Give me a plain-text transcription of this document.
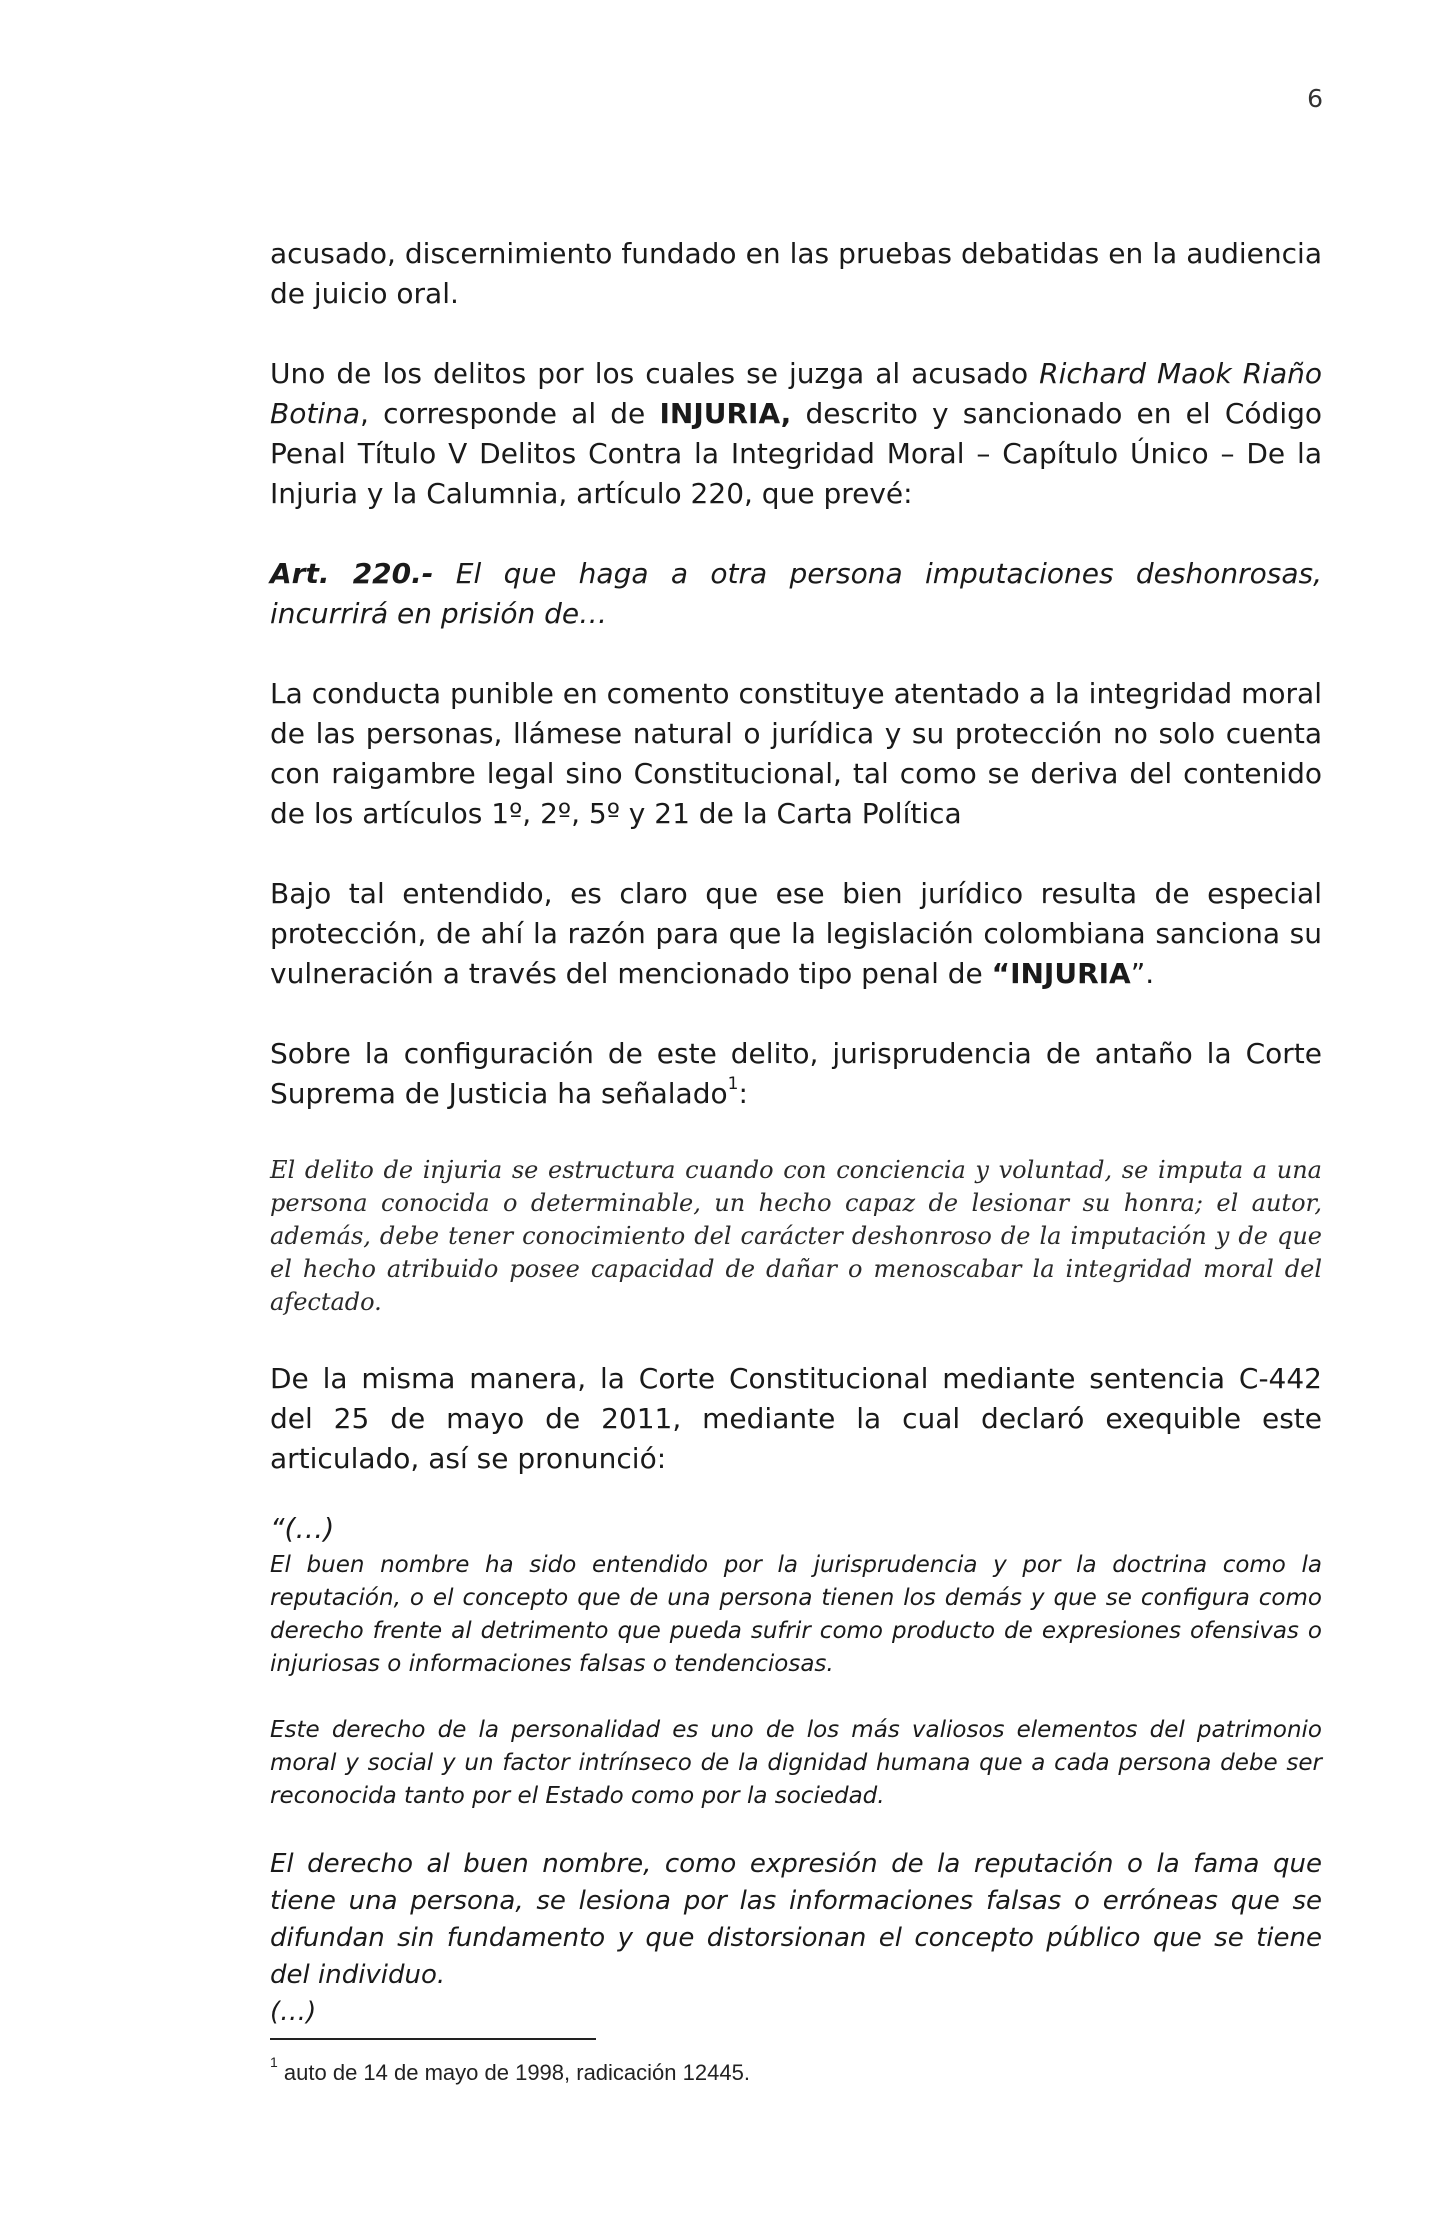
6

acusado, discernimiento fundado en las pruebas debatidas en la audiencia de juicio oral.

Uno de los delitos por los cuales se juzga al acusado Richard Maok Riaño Botina, corresponde al de INJURIA, descrito y sancionado en el Código Penal Título V Delitos Contra la Integridad Moral – Capítulo Único – De la Injuria y la Calumnia, artículo 220, que prevé:

Art. 220.- El que haga a otra persona imputaciones deshonrosas, incurrirá en prisión de…

La conducta punible en comento constituye atentado a la integridad moral de las personas, llámese natural o jurídica y su protección no solo cuenta con raigambre legal sino Constitucional, tal como se deriva del contenido de los artículos 1º, 2º, 5º y 21 de la Carta Política

Bajo tal entendido, es claro que ese bien jurídico resulta de especial protección, de ahí la razón para que la legislación colombiana sanciona su vulneración a través del mencionado tipo penal de “INJURIA”.

Sobre la configuración de este delito, jurisprudencia de antaño la Corte Suprema de Justicia ha señalado$^1$:

El delito de injuria se estructura cuando con conciencia y voluntad, se imputa a una persona conocida o determinable, un hecho capaz de lesionar su honra; el autor, además, debe tener conocimiento del carácter deshonroso de la imputación y de que el hecho atribuido posee capacidad de dañar o menoscabar la integridad moral del afectado.

De la misma manera, la Corte Constitucional mediante sentencia C-442 del 25 de mayo de 2011, mediante la cual declaró exequible este articulado, así se pronunció:

“(…)

El buen nombre ha sido entendido por la jurisprudencia y por la doctrina como la reputación, o el concepto que de una persona tienen los demás y que se configura como derecho frente al detrimento que pueda sufrir como producto de expresiones ofensivas o injuriosas o informaciones falsas o tendenciosas.

Este derecho de la personalidad es uno de los más valiosos elementos del patrimonio moral y social y un factor intrínseco de la dignidad humana que a cada persona debe ser reconocida tanto por el Estado como por la sociedad.

El derecho al buen nombre, como expresión de la reputación o la fama que tiene una persona, se lesiona por las informaciones falsas o erróneas que se difundan sin fundamento y que distorsionan el concepto público que se tiene del individuo.

(…)

$^1$ auto de 14 de mayo de 1998, radicación 12445.
